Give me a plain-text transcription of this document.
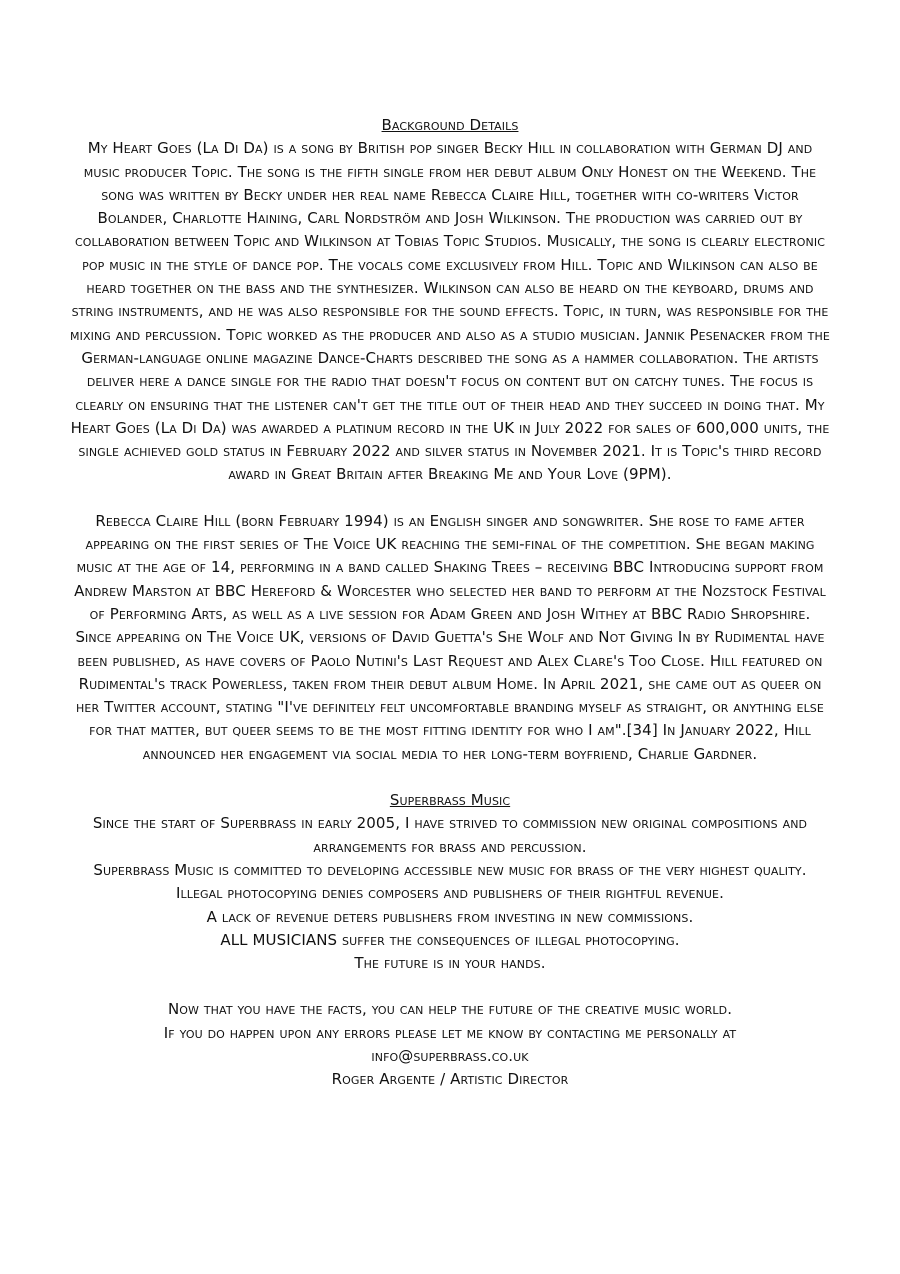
Background Details

My Heart Goes (La Di Da) is a song by British pop singer Becky Hill in collaboration with German DJ and music producer Topic. The song is the fifth single from her debut album Only Honest on the Weekend. The song was written by Becky under her real name Rebecca Claire Hill, together with co-writers Victor Bolander, Charlotte Haining, Carl Nordström and Josh Wilkinson. The production was carried out by collaboration between Topic and Wilkinson at Tobias Topic Studios. Musically, the song is clearly electronic pop music in the style of dance pop. The vocals come exclusively from Hill. Topic and Wilkinson can also be heard together on the bass and the synthesizer. Wilkinson can also be heard on the keyboard, drums and string instruments, and he was also responsible for the sound effects. Topic, in turn, was responsible for the mixing and percussion. Topic worked as the producer and also as a studio musician. Jannik Pesenacker from the German-language online magazine Dance-Charts described the song as a hammer collaboration. The artists deliver here a dance single for the radio that doesn't focus on content but on catchy tunes. The focus is clearly on ensuring that the listener can't get the title out of their head and they succeed in doing that. My Heart Goes (La Di Da) was awarded a platinum record in the UK in July 2022 for sales of 600,000 units, the single achieved gold status in February 2022 and silver status in November 2021. It is Topic's third record award in Great Britain after Breaking Me and Your Love (9PM).

Rebecca Claire Hill (born February 1994) is an English singer and songwriter. She rose to fame after appearing on the first series of The Voice UK reaching the semi-final of the competition. She began making music at the age of 14, performing in a band called Shaking Trees – receiving BBC Introducing support from Andrew Marston at BBC Hereford & Worcester who selected her band to perform at the Nozstock Festival of Performing Arts, as well as a live session for Adam Green and Josh Withey at BBC Radio Shropshire. Since appearing on The Voice UK, versions of David Guetta's She Wolf and Not Giving In by Rudimental have been published, as have covers of Paolo Nutini's Last Request and Alex Clare's Too Close. Hill featured on Rudimental's track Powerless, taken from their debut album Home. In April 2021, she came out as queer on her Twitter account, stating "I've definitely felt uncomfortable branding myself as straight, or anything else for that matter, but queer seems to be the most fitting identity for who I am".[34] In January 2022, Hill announced her engagement via social media to her long-term boyfriend, Charlie Gardner.

Superbrass Music
Since the start of Superbrass in early 2005, I have strived to commission new original compositions and arrangements for brass and percussion.
Superbrass Music is committed to developing accessible new music for brass of the very highest quality.
Illegal photocopying denies composers and publishers of their rightful revenue.
A lack of revenue deters publishers from investing in new commissions.
ALL MUSICIANS suffer the consequences of illegal photocopying.
The future is in your hands.
Now that you have the facts, you can help the future of the creative music world.
If you do happen upon any errors please let me know by contacting me personally at
info@superbrass.co.uk
Roger Argente / Artistic Director
